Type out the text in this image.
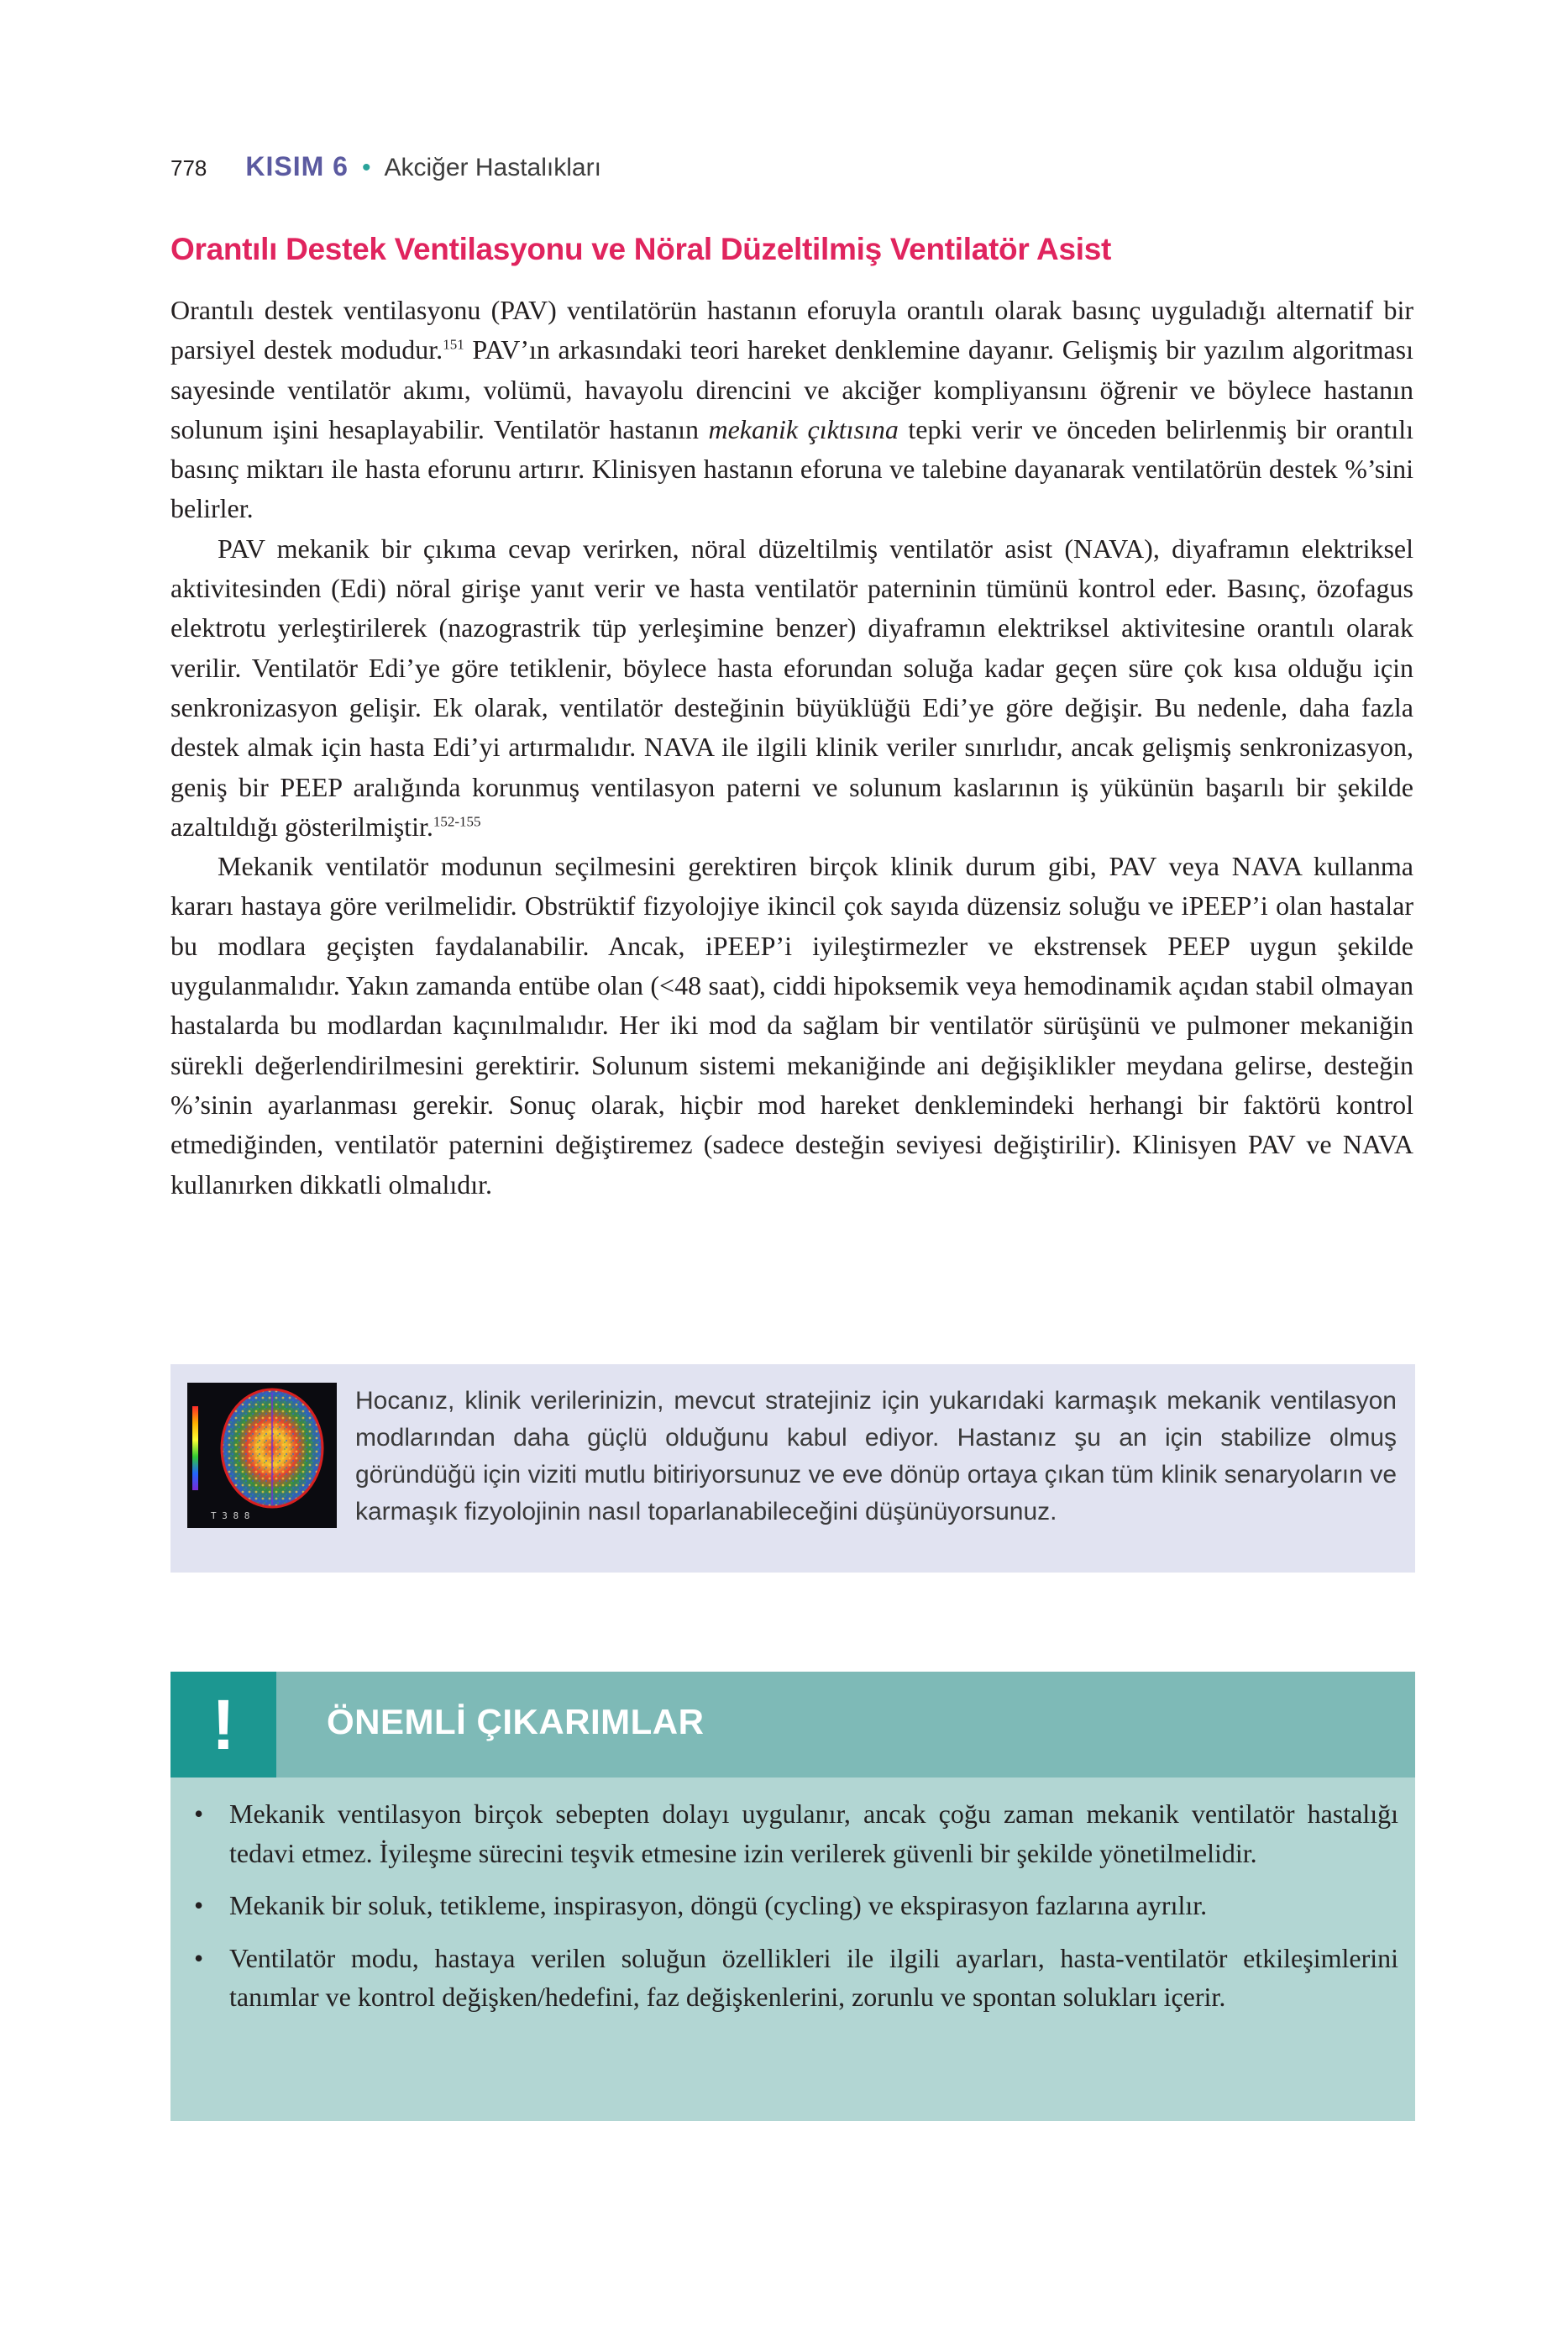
778 KISIM 6 • Akciğer Hastalıkları
Orantılı Destek Ventilasyonu ve Nöral Düzeltilmiş Ventilatör Asist

Orantılı destek ventilasyonu (PAV) ventilatörün hastanın eforuyla orantılı olarak basınç uyguladığı alternatif bir parsiyel destek modudur.$^{151}$ PAV’ın arkasındaki teori hareket denklemine dayanır. Gelişmiş bir yazılım algoritması sayesinde ventilatör akımı, volümü, havayolu direncini ve akciğer kompliyansını öğrenir ve böylece hastanın solunum işini hesaplayabilir. Ventilatör hastanın mekanik çıktısına tepki verir ve önceden belirlenmiş bir orantılı basınç miktarı ile hasta eforunu artırır. Klinisyen hastanın eforuna ve talebine dayanarak ventilatörün destek %’sini belirler.

PAV mekanik bir çıkıma cevap verirken, nöral düzeltilmiş ventilatör asist (NAVA), diyaframın elektriksel aktivitesinden (Edi) nöral girişe yanıt verir ve hasta ventilatör paterninin tümünü kontrol eder. Basınç, özofagus elektrotu yerleştirilerek (nazograstrik tüp yerleşimine benzer) diyaframın elektriksel aktivitesine orantılı olarak verilir. Ventilatör Edi’ye göre tetiklenir, böylece hasta eforundan soluğa kadar geçen süre çok kısa olduğu için senkronizasyon gelişir. Ek olarak, ventilatör desteğinin büyüklüğü Edi’ye göre değişir. Bu nedenle, daha fazla destek almak için hasta Edi’yi artırmalıdır. NAVA ile ilgili klinik veriler sınırlıdır, ancak gelişmiş senkronizasyon, geniş bir PEEP aralığında korunmuş ventilasyon paterni ve solunum kaslarının iş yükünün başarılı bir şekilde azaltıldığı gösterilmiştir.$^{152-155}$

Mekanik ventilatör modunun seçilmesini gerektiren birçok klinik durum gibi, PAV veya NAVA kullanma kararı hastaya göre verilmelidir. Obstrüktif fizyolojiye ikincil çok sayıda düzensiz soluğu ve iPEEP’i olan hastalar bu modlara geçişten faydalanabilir. Ancak, iPEEP’i iyileştirmezler ve ekstrensek PEEP uygun şekilde uygulanmalıdır. Yakın zamanda entübe olan (<48 saat), ciddi hipoksemik veya hemodinamik açıdan stabil olmayan hastalarda bu modlardan kaçınılmalıdır. Her iki mod da sağlam bir ventilatör sürüşünü ve pulmoner mekaniğin sürekli değerlendirilmesini gerektirir. Solunum sistemi mekaniğinde ani değişiklikler meydana gelirse, desteğin %’sinin ayarlanması gerekir. Sonuç olarak, hiçbir mod hareket denklemindeki herhangi bir faktörü kontrol etmediğinden, ventilatör paternini değiştiremez (sadece desteğin seviyesi değiştirilir). Klinisyen PAV ve NAVA kullanırken dikkatli olmalıdır.

T 3 8 8
Hocanız, klinik verilerinizin, mevcut stratejiniz için yukarıdaki karmaşık mekanik ventilasyon modlarından daha güçlü olduğunu kabul ediyor. Hastanız şu an için stabilize olmuş göründüğü için viziti mutlu bitiriyorsunuz ve eve dönüp ortaya çıkan tüm klinik senaryoların ve karmaşık fizyolojinin nasıl toparlanabileceğini düşünüyorsunuz.
!	ÖNEMLİ ÇIKARIMLAR
• Mekanik ventilasyon birçok sebepten dolayı uygulanır, ancak çoğu zaman mekanik ventilatör hastalığı tedavi etmez. İyileşme sürecini teşvik etmesine izin verilerek güvenli bir şekilde yönetilmelidir.
• Mekanik bir soluk, tetikleme, inspirasyon, döngü (cycling) ve ekspirasyon fazlarına ayrılır.
• Ventilatör modu, hastaya verilen soluğun özellikleri ile ilgili ayarları, hasta-ventilatör etkileşimlerini tanımlar ve kontrol değişken/hedefini, faz değişkenlerini, zorunlu ve spontan solukları içerir.
